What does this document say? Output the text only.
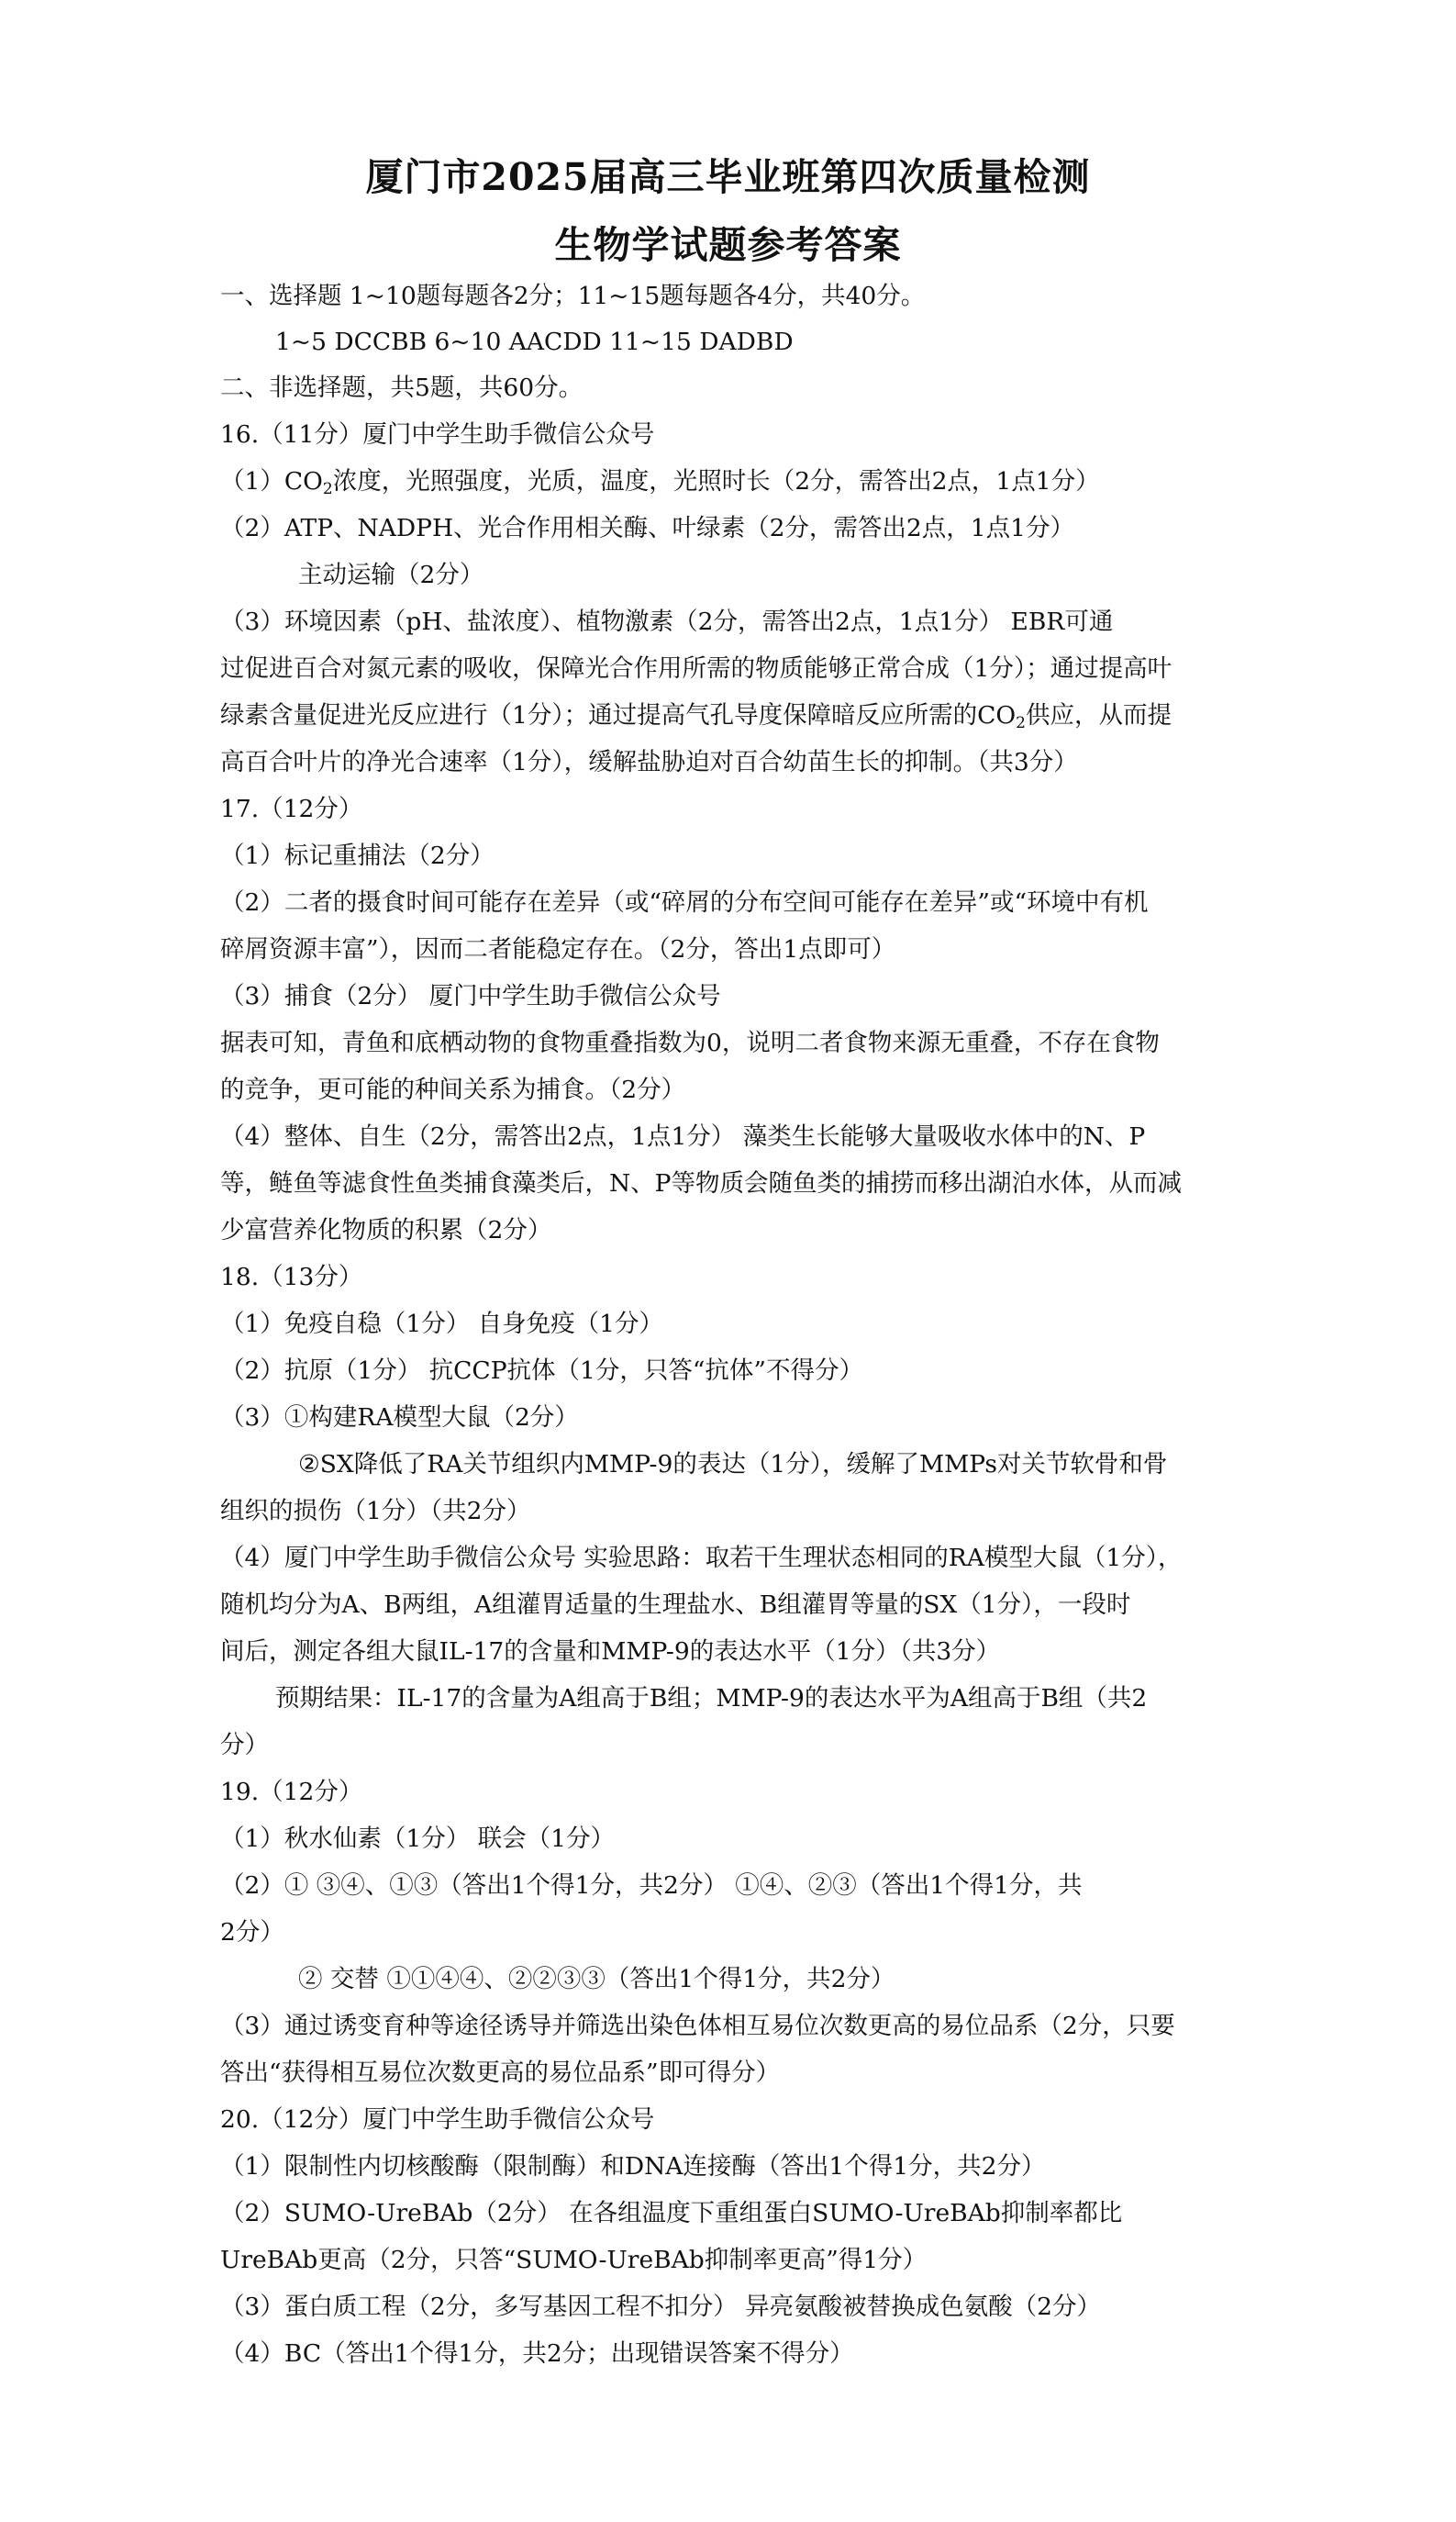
厦门市2025届高三毕业班第四次质量检测
生物学试题参考答案
一、选择题 1~10题每题各2分；11~15题每题各4分，共40分。
1~5 DCCBB 6~10 AACDD 11~15 DADBD
二、非选择题，共5题，共60分。
16.（11分）厦门中学生助手微信公众号
$(1)CO_2$浓度，光照强度，光质，温度，光照时长（2分，需答出2点，1点1分）
（2）ATP、NADPH、光合作用相关酶、叶绿素（2分，需答出2点，1点1分）
主动运输（2分）
（3）环境因素（pH、盐浓度）、植物激素（2分，需答出2点，1点1分） EBR可通
过促进百合对氮元素的吸收，保障光合作用所需的物质能够正常合成（1分）；通过提高叶
绿素含量促进光反应进行（1分）；通过提高气孔导度保障暗反应所需的$CO_2$供应，从而提
高百合叶片的净光合速率（1分），缓解盐胁迫对百合幼苗生长的抑制。（共3分）
17.（12分）
（1）标记重捕法（2分）
（2）二者的摄食时间可能存在差异（或“碎屑的分布空间可能存在差异”或“环境中有机
碎屑资源丰富”），因而二者能稳定存在。（2分，答出1点即可）
（3）捕食（2分） 厦门中学生助手微信公众号
据表可知，青鱼和底栖动物的食物重叠指数为0，说明二者食物来源无重叠，不存在食物
的竞争，更可能的种间关系为捕食。（2分）
（4）整体、自生（2分，需答出2点，1点1分） 藻类生长能够大量吸收水体中的N、P
等，鲢鱼等滤食性鱼类捕食藻类后，N、P等物质会随鱼类的捕捞而移出湖泊水体，从而减
少富营养化物质的积累（2分）
18.（13分）
（1）免疫自稳（1分） 自身免疫（1分）
（2）抗原（1分） 抗CCP抗体（1分，只答“抗体”不得分）
（3）①构建RA模型大鼠（2分）
②SX降低了RA关节组织内MMP-9的表达（1分），缓解了MMPs对关节软骨和骨
组织的损伤（1分）（共2分）
（4）厦门中学生助手微信公众号 实验思路：取若干生理状态相同的RA模型大鼠（1分），
随机均分为A、B两组，A组灌胃适量的生理盐水、B组灌胃等量的SX（1分），一段时
间后，测定各组大鼠IL-17的含量和MMP-9的表达水平（1分）（共3分）
预期结果：IL-17的含量为A组高于B组；MMP-9的表达水平为A组高于B组（共2
分）
19.（12分）
（1）秋水仙素（1分） 联会（1分）
（2）① ③④、①③（答出1个得1分，共2分） ①④、②③（答出1个得1分，共
2分）
② 交替 ①①④④、②②③③（答出1个得1分，共2分）
（3）通过诱变育种等途径诱导并筛选出染色体相互易位次数更高的易位品系（2分，只要
答出“获得相互易位次数更高的易位品系”即可得分）
20.（12分）厦门中学生助手微信公众号
（1）限制性内切核酸酶（限制酶）和DNA连接酶（答出1个得1分，共2分）
（2）SUMO-UreBAb（2分） 在各组温度下重组蛋白SUMO-UreBAb抑制率都比
UreBAb更高（2分，只答“SUMO-UreBAb抑制率更高”得1分）
（3）蛋白质工程（2分，多写基因工程不扣分） 异亮氨酸被替换成色氨酸（2分）
（4）BC（答出1个得1分，共2分；出现错误答案不得分）
